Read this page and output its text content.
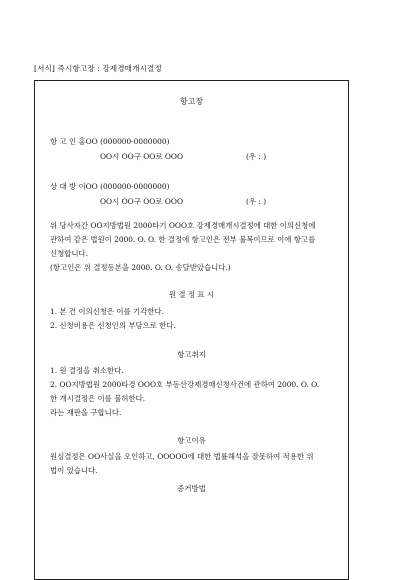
[서식] 즉시항고장 : 강제경매개시결정
항고장
항 고 인 홍OO (000000-0000000)
OO시 OO구 OO로 OOO	(우 : )
상 대 방 이OO (000000-0000000)
OO시 OO구 OO로 OOO	(우 : )
위 당사자간 OO지방법원 2000타기 OOO호 강제경매개시결정에 대한 이의신청에
관하여 같은 법원이 2000. O. O. 한 결정에 항고인은 전부 불복이므로 이에 항고를
신청합니다.
(항고인은 위 결정등본을 2000. O. O. 송달받았습니다.)
원 결 정 표 시
1. 본 건 이의신청은 이를 기각한다.
2. 신청비용은 신청인의 부담으로 한다.
항고취지
1. 원 결정을 취소한다.
2. OO지방법원 2000타경 OOO호 부동산강제경매신청사건에 관하여 2000. O. O.
한 개시결정은 이를 불허한다.
라는 재판을 구합니다.
항고이유
원심결정은 OO사실을 오인하고, OOOOO에 대한 법률해석을 잘못하여 적용한 위
법이 있습니다.
증거방법
